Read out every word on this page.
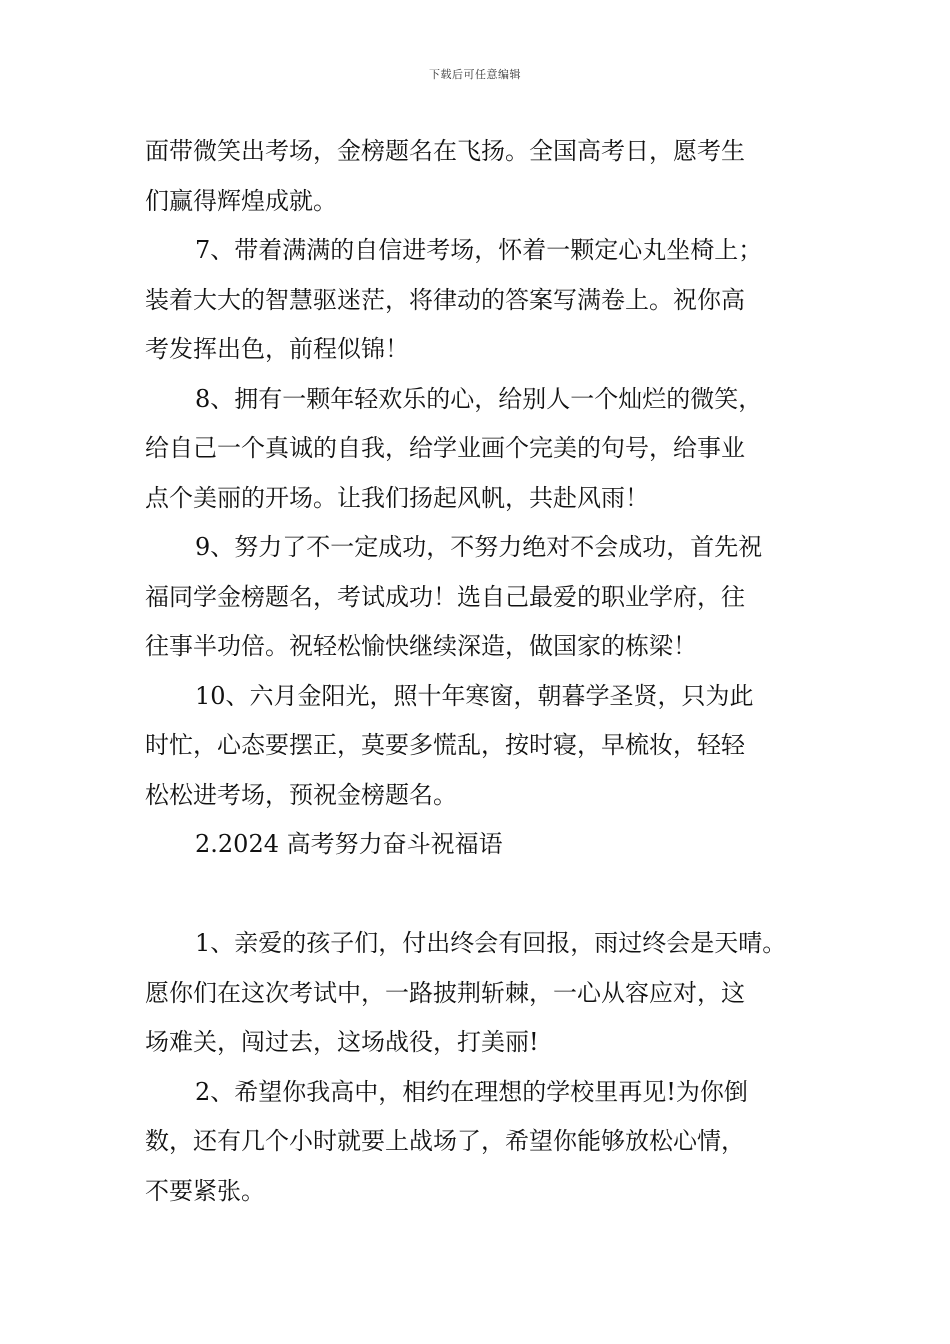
下载后可任意编辑
面带微笑出考场，金榜题名在飞扬。全国高考日，愿考生
们赢得辉煌成就。
7、带着满满的自信进考场，怀着一颗定心丸坐椅上；
装着大大的智慧驱迷茫，将律动的答案写满卷上。祝你高
考发挥出色，前程似锦！
8、拥有一颗年轻欢乐的心，给别人一个灿烂的微笑，
给自己一个真诚的自我，给学业画个完美的句号，给事业
点个美丽的开场。让我们扬起风帆，共赴风雨！
9、努力了不一定成功，不努力绝对不会成功，首先祝
福同学金榜题名，考试成功！选自己最爱的职业学府，往
往事半功倍。祝轻松愉快继续深造，做国家的栋梁！
10、六月金阳光，照十年寒窗，朝暮学圣贤，只为此
时忙，心态要摆正，莫要多慌乱，按时寝，早梳妆，轻轻
松松进考场，预祝金榜题名。
2.2024 高考努力奋斗祝福语
1、亲爱的孩子们，付出终会有回报，雨过终会是天晴。
愿你们在这次考试中，一路披荆斩棘，一心从容应对，这
场难关，闯过去，这场战役，打美丽!
2、希望你我高中，相约在理想的学校里再见!为你倒
数，还有几个小时就要上战场了，希望你能够放松心情，
不要紧张。
